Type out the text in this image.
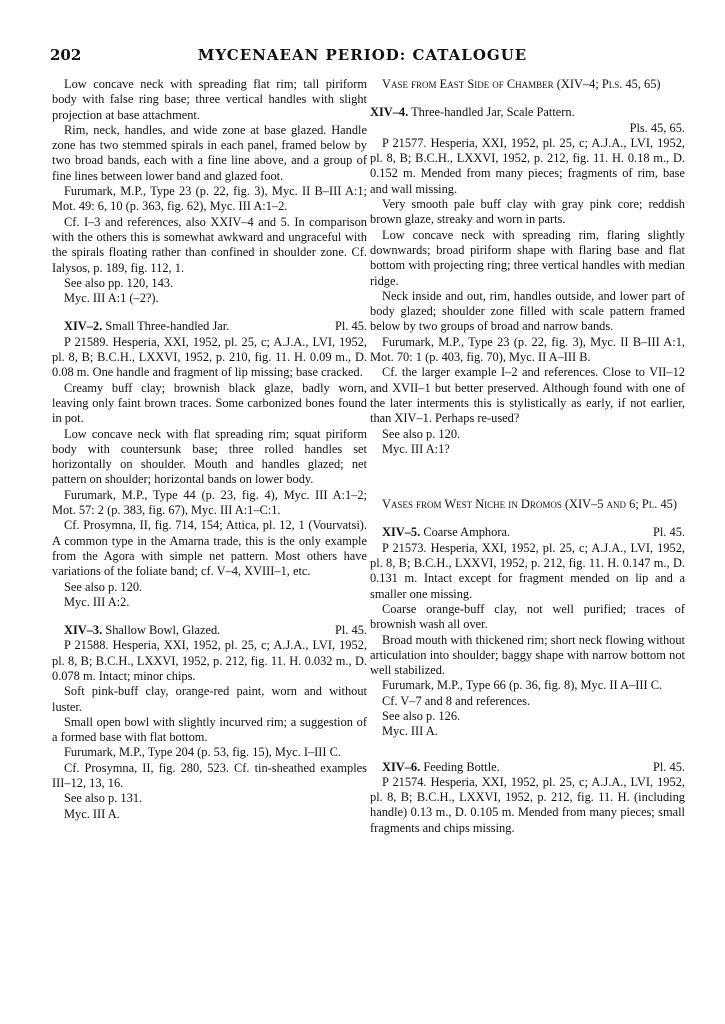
202	MYCENAEAN PERIOD: CATALOGUE

Low concave neck with spreading flat rim; tall piriform body with false ring base; three vertical handles with slight projection at base attachment.

Rim, neck, handles, and wide zone at base glazed. Handle zone has two stemmed spirals in each panel, framed below by two broad bands, each with a fine line above, and a group of fine lines between lower band and glazed foot.

Furumark, M.P., Type 23 (p. 22, fig. 3), Myc. II B–III A:1; Mot. 49: 6, 10 (p. 363, fig. 62), Myc. III A:1–2.

Cf. I–3 and references, also XXIV–4 and 5. In comparison with the others this is somewhat awkward and ungraceful with the spirals floating rather than confined in shoulder zone. Cf. Ialysos, p. 189, fig. 112, 1.

See also pp. 120, 143.

Myc. III A:1 (–2?).

XIV–2. Small Three-handled Jar.	Pl. 45.

P 21589. Hesperia, XXI, 1952, pl. 25, c; A.J.A., LVI, 1952, pl. 8, B; B.C.H., LXXVI, 1952, p. 210, fig. 11. H. 0.09 m., D. 0.08 m. One handle and fragment of lip missing; base cracked.

Creamy buff clay; brownish black glaze, badly worn, leaving only faint brown traces. Some carbonized bones found in pot.

Low concave neck with flat spreading rim; squat piriform body with countersunk base; three rolled handles set horizontally on shoulder. Mouth and handles glazed; net pattern on shoulder; horizontal bands on lower body.

Furumark, M.P., Type 44 (p. 23, fig. 4), Myc. III A:1–2; Mot. 57: 2 (p. 383, fig. 67), Myc. III A:1–C:1.

Cf. Prosymna, II, fig. 714, 154; Attica, pl. 12, 1 (Vourvatsi). A common type in the Amarna trade, this is the only example from the Agora with simple net pattern. Most others have variations of the foliate band; cf. V–4, XVIII–1, etc.

See also p. 120.

Myc. III A:2.

XIV–3. Shallow Bowl, Glazed.	Pl. 45.

P 21588. Hesperia, XXI, 1952, pl. 25, c; A.J.A., LVI, 1952, pl. 8, B; B.C.H., LXXVI, 1952, p. 212, fig. 11. H. 0.032 m., D. 0.078 m. Intact; minor chips.

Soft pink-buff clay, orange-red paint, worn and without luster.

Small open bowl with slightly incurved rim; a suggestion of a formed base with flat bottom.

Furumark, M.P., Type 204 (p. 53, fig. 15), Myc. I–III C.

Cf. Prosymna, II, fig. 280, 523. Cf. tin-sheathed examples III–12, 13, 16.

See also p. 131.

Myc. III A.

Vase from East Side of Chamber (XIV–4; Pls. 45, 65)

XIV–4. Three-handled Jar, Scale Pattern.

Pls. 45, 65.

P 21577. Hesperia, XXI, 1952, pl. 25, c; A.J.A., LVI, 1952, pl. 8, B; B.C.H., LXXVI, 1952, p. 212, fig. 11. H. 0.18 m., D. 0.152 m. Mended from many pieces; fragments of rim, base and wall missing.

Very smooth pale buff clay with gray pink core; reddish brown glaze, streaky and worn in parts.

Low concave neck with spreading rim, flaring slightly downwards; broad piriform shape with flaring base and flat bottom with projecting ring; three vertical handles with median ridge.

Neck inside and out, rim, handles outside, and lower part of body glazed; shoulder zone filled with scale pattern framed below by two groups of broad and narrow bands.

Furumark, M.P., Type 23 (p. 22, fig. 3), Myc. II B–III A:1, Mot. 70: 1 (p. 403, fig. 70), Myc. II A–III B.

Cf. the larger example I–2 and references. Close to VII–12 and XVII–1 but better preserved. Although found with one of the later interments this is stylistically as early, if not earlier, than XIV–1. Perhaps re-used?

See also p. 120.

Myc. III A:1?

Vases from West Niche in Dromos (XIV–5 and 6; Pl. 45)

XIV–5. Coarse Amphora.	Pl. 45.

P 21573. Hesperia, XXI, 1952, pl. 25, c; A.J.A., LVI, 1952, pl. 8, B; B.C.H., LXXVI, 1952, p. 212, fig. 11. H. 0.147 m., D. 0.131 m. Intact except for fragment mended on lip and a smaller one missing.

Coarse orange-buff clay, not well purified; traces of brownish wash all over.

Broad mouth with thickened rim; short neck flowing without articulation into shoulder; baggy shape with narrow bottom not well stabilized.

Furumark, M.P., Type 66 (p. 36, fig. 8), Myc. II A–III C.

Cf. V–7 and 8 and references.

See also p. 126.

Myc. III A.

XIV–6. Feeding Bottle.	Pl. 45.

P 21574. Hesperia, XXI, 1952, pl. 25, c; A.J.A., LVI, 1952, pl. 8, B; B.C.H., LXXVI, 1952, p. 212, fig. 11. H. (including handle) 0.13 m., D. 0.105 m. Mended from many pieces; small fragments and chips missing.
